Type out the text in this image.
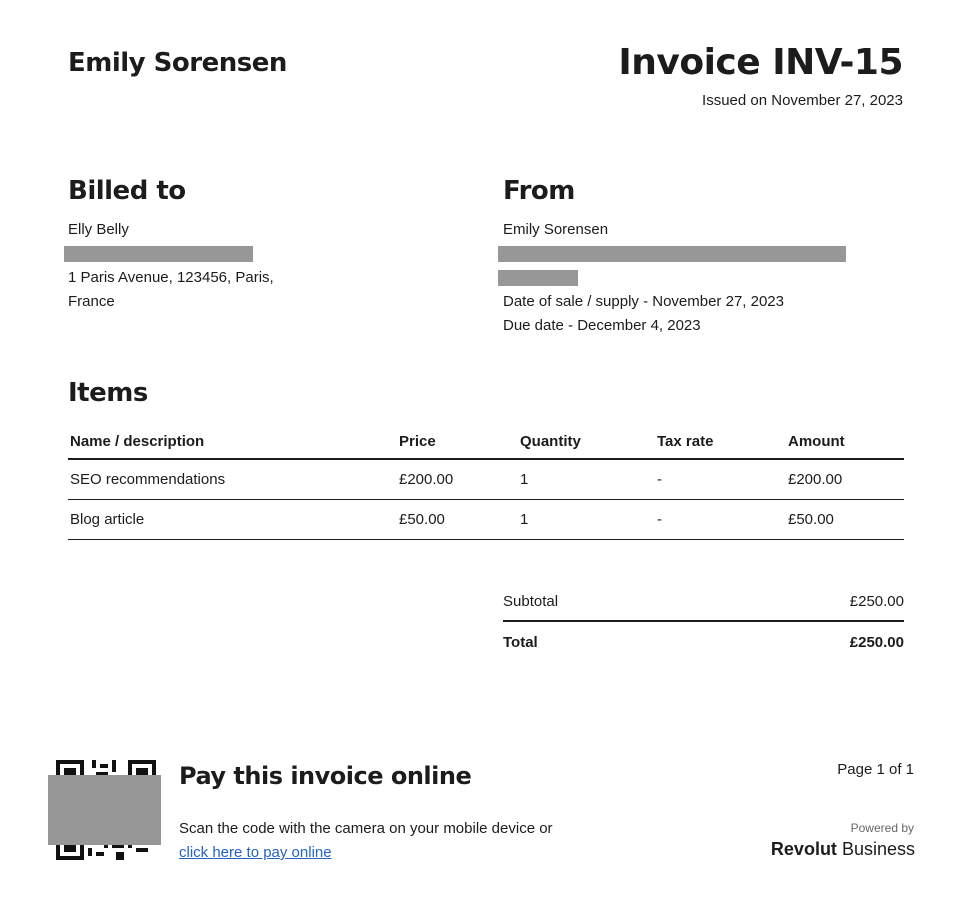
Emily Sorensen	Invoice INV-15
Issued on November 27, 2023
Billed to
Elly Belly
1 Paris Avenue, 123456, Paris,
France
From
Emily Sorensen
Date of sale / supply - November 27, 2023
Due date - December 4, 2023
Items
Name / description	Price	Quantity	Tax rate	Amount
SEO recommendations	£200.00	1	-	£200.00
Blog article	£50.00	1	-	£50.00
Subtotal	£250.00
Total	£250.00
Pay this invoice online
Scan the code with the camera on your mobile device or
click here to pay online
Page 1 of 1
Powered by
Revolut Business
